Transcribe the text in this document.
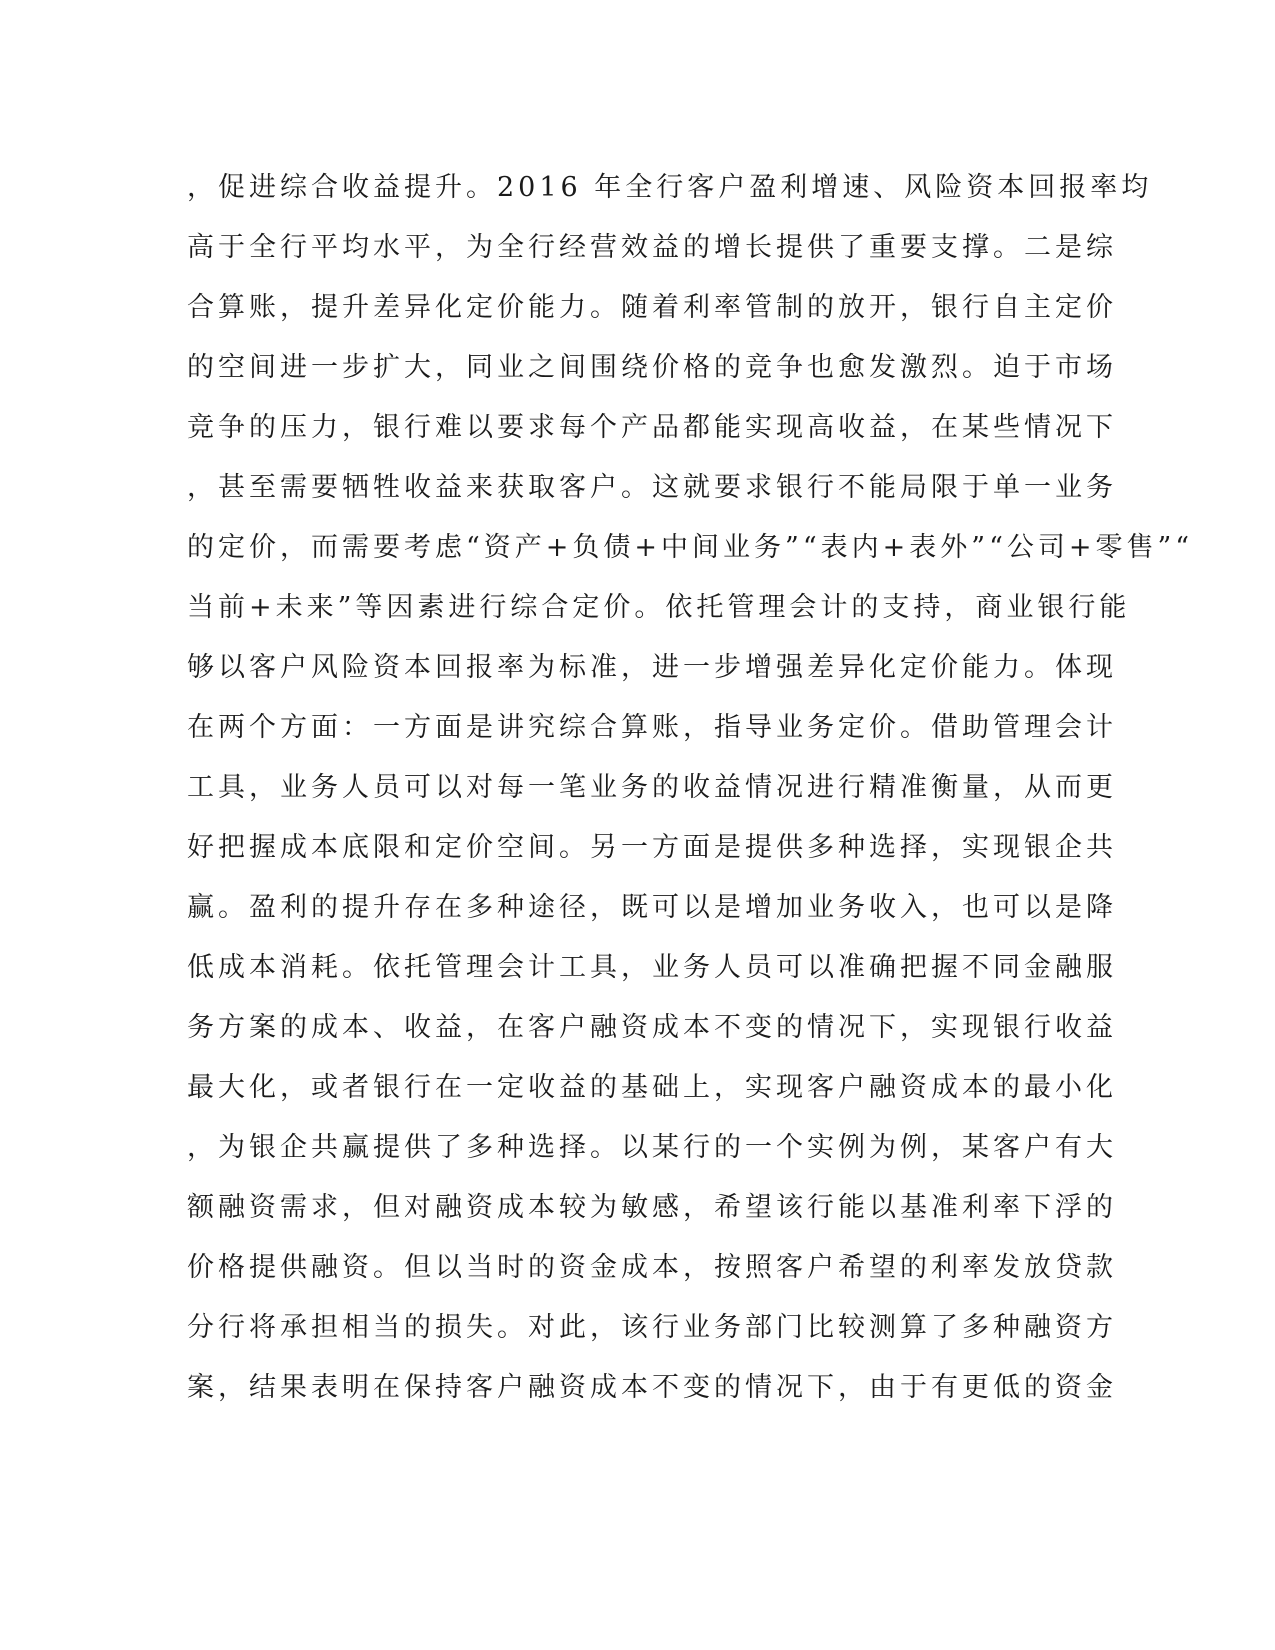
，促进综合收益提升。2016 年全行客户盈利增速、风险资本回报率均
高于全行平均水平，为全行经营效益的增长提供了重要支撑。二是综
合算账，提升差异化定价能力。随着利率管制的放开，银行自主定价
的空间进一步扩大，同业之间围绕价格的竞争也愈发激烈。迫于市场
竞争的压力，银行难以要求每个产品都能实现高收益，在某些情况下
，甚至需要牺牲收益来获取客户。这就要求银行不能局限于单一业务
的定价，而需要考虑“资产+负债+中间业务”“表内+表外”“公司+零售”“
当前+未来”等因素进行综合定价。依托管理会计的支持，商业银行能
够以客户风险资本回报率为标准，进一步增强差异化定价能力。体现
在两个方面：一方面是讲究综合算账，指导业务定价。借助管理会计
工具，业务人员可以对每一笔业务的收益情况进行精准衡量，从而更
好把握成本底限和定价空间。另一方面是提供多种选择，实现银企共
赢。盈利的提升存在多种途径，既可以是增加业务收入，也可以是降
低成本消耗。依托管理会计工具，业务人员可以准确把握不同金融服
务方案的成本、收益，在客户融资成本不变的情况下，实现银行收益
最大化，或者银行在一定收益的基础上，实现客户融资成本的最小化
，为银企共赢提供了多种选择。以某行的一个实例为例，某客户有大
额融资需求，但对融资成本较为敏感，希望该行能以基准利率下浮的
价格提供融资。但以当时的资金成本，按照客户希望的利率发放贷款
分行将承担相当的损失。对此，该行业务部门比较测算了多种融资方
案，结果表明在保持客户融资成本不变的情况下，由于有更低的资金
